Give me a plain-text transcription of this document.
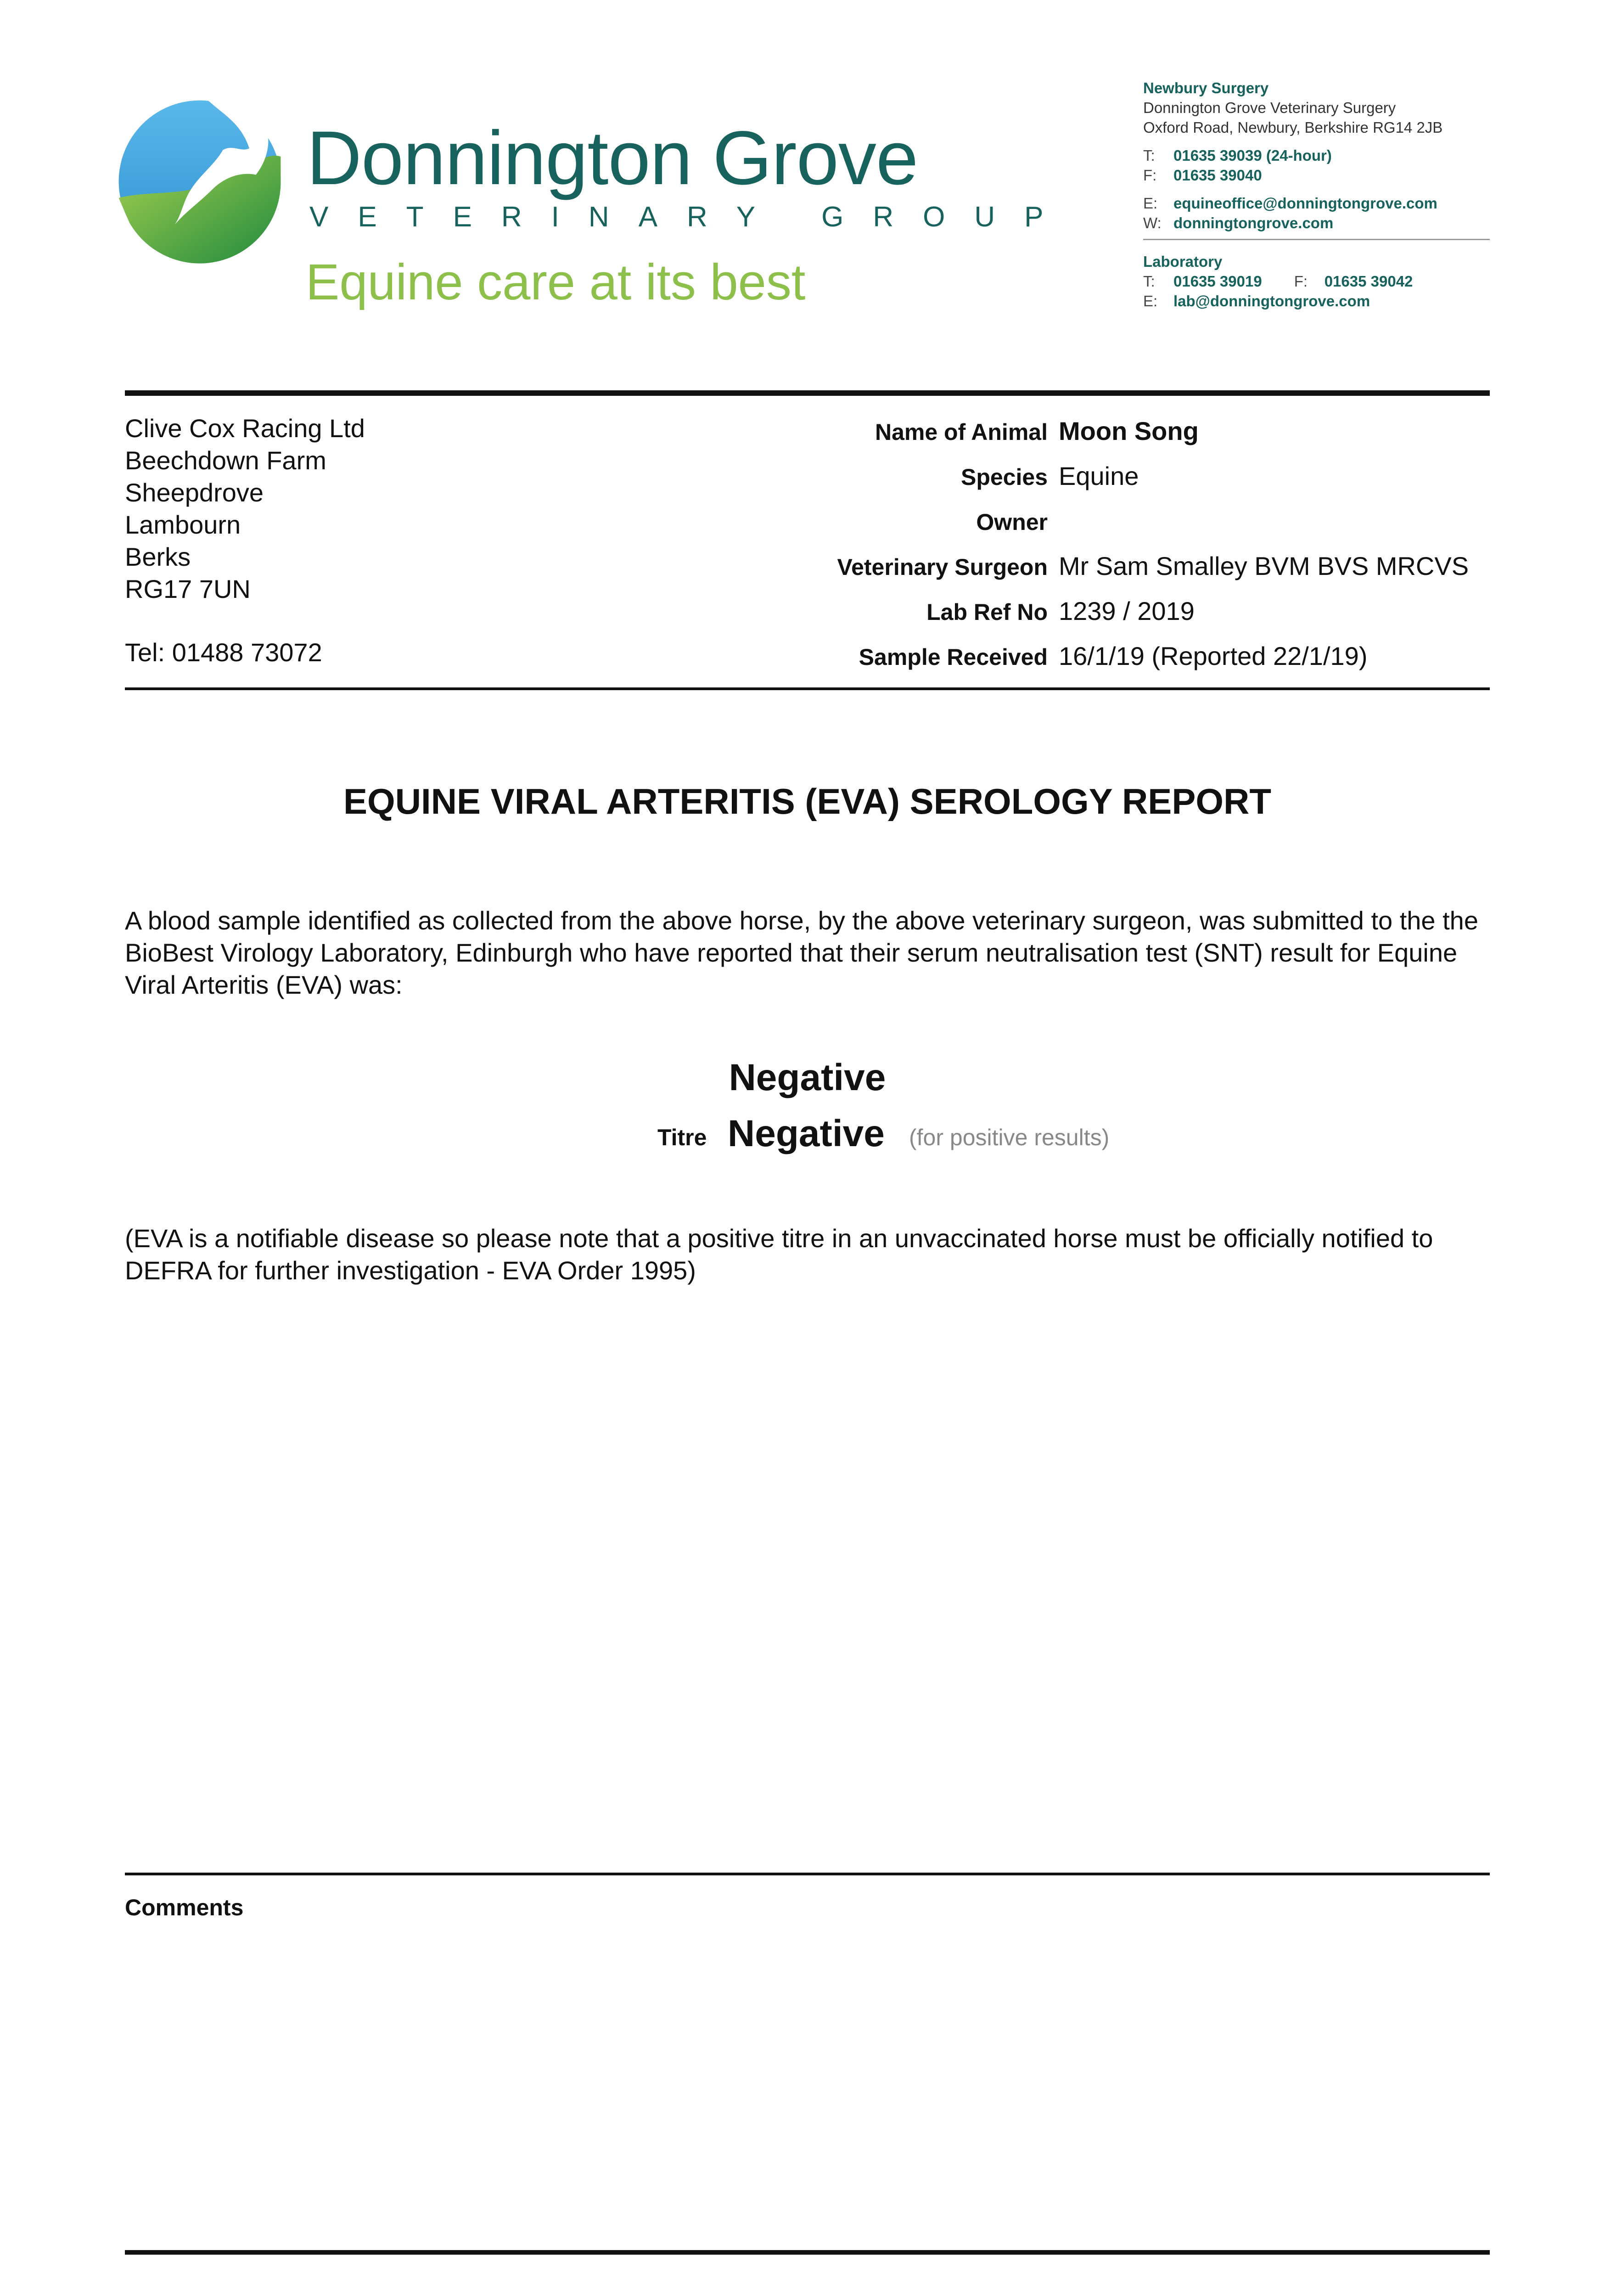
Donnington Grove
VETERINARY GROUP
Equine care at its best
Newbury Surgery
Donnington Grove Veterinary Surgery
Oxford Road, Newbury, Berkshire RG14 2JB
T: 01635 39039 (24-hour)
F: 01635 39040
E: equineoffice@donningtongrove.com
W: donningtongrove.com
Laboratory
T: 01635 39019 F: 01635 39042
E: lab@donningtongrove.com
Clive Cox Racing Ltd
Beechdown Farm
Sheepdrove
Lambourn
Berks
RG17 7UN
Tel: 01488 73072
Name of Animal Moon Song
Species Equine
Owner
Veterinary Surgeon Mr Sam Smalley BVM BVS MRCVS
Lab Ref No 1239 / 2019
Sample Received 16/1/19 (Reported 22/1/19)
EQUINE VIRAL ARTERITIS (EVA) SEROLOGY REPORT
A blood sample identified as collected from the above horse, by the above veterinary surgeon, was submitted to the the BioBest Virology Laboratory, Edinburgh who have reported that their serum neutralisation test (SNT) result for Equine Viral Arteritis (EVA) was:
Negative
Titre Negative (for positive results)
(EVA is a notifiable disease so please note that a positive titre in an unvaccinated horse must be officially notified to DEFRA for further investigation - EVA Order 1995)
Comments
